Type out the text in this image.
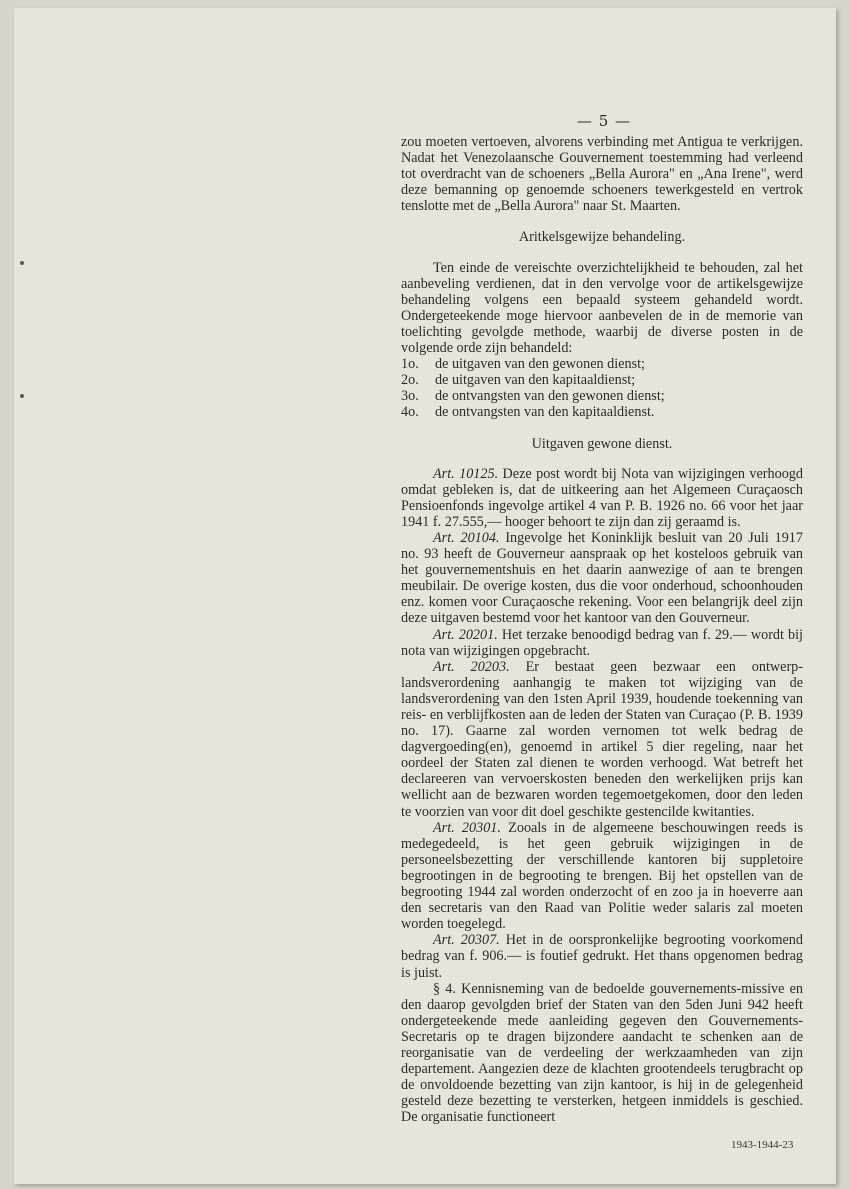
— 5 —

zou moeten vertoeven, alvorens verbinding met Antigua te verkrijgen. Nadat het Venezolaansche Gouvernement toestemming had verleend tot overdracht van de schoeners „Bella Aurora" en „Ana Irene", werd deze bemanning op genoemde schoeners tewerkgesteld en vertrok tenslotte met de „Bella Aurora" naar St. Maarten.

Aritkelsgewijze behandeling.

Ten einde de vereischte overzichtelijkheid te behouden, zal het aanbeveling verdienen, dat in den vervolge voor de artikelsgewijze behandeling volgens een bepaald systeem gehandeld wordt. Ondergeteekende moge hiervoor aanbevelen de in de memorie van toelichting gevolgde methode, waarbij de diverse posten in de volgende orde zijn behandeld:

1o.	de uitgaven van den gewonen dienst;
2o.	de uitgaven van den kapitaaldienst;
3o.	de ontvangsten van den gewonen dienst;
4o.	de ontvangsten van den kapitaaldienst.

Uitgaven gewone dienst.

Art. 10125. Deze post wordt bij Nota van wijzigingen verhoogd omdat gebleken is, dat de uitkeering aan het Algemeen Curaçaosch Pensioenfonds ingevolge artikel 4 van P. B. 1926 no. 66 voor het jaar 1941 f. 27.555,— hooger behoort te zijn dan zij geraamd is.

Art. 20104. Ingevolge het Koninklijk besluit van 20 Juli 1917 no. 93 heeft de Gouverneur aanspraak op het kosteloos gebruik van het gouvernementshuis en het daarin aanwezige of aan te brengen meubilair. De overige kosten, dus die voor onderhoud, schoonhouden enz. komen voor Curaçaosche rekening. Voor een belangrijk deel zijn deze uitgaven bestemd voor het kantoor van den Gouverneur.

Art. 20201. Het terzake benoodigd bedrag van f. 29.— wordt bij nota van wijzigingen opgebracht.

Art. 20203. Er bestaat geen bezwaar een ontwerp-landsverordening aanhangig te maken tot wijziging van de landsverordening van den 1sten April 1939, houdende toekenning van reis- en verblijfkosten aan de leden der Staten van Curaçao (P. B. 1939 no. 17). Gaarne zal worden vernomen tot welk bedrag de dagvergoeding(en), genoemd in artikel 5 dier regeling, naar het oordeel der Staten zal dienen te worden verhoogd. Wat betreft het declareeren van vervoerskosten beneden den werkelijken prijs kan wellicht aan de bezwaren worden tegemoetgekomen, door den leden te voorzien van voor dit doel geschikte gestencilde kwitanties.

Art. 20301. Zooals in de algemeene beschouwingen reeds is medegedeeld, is het geen gebruik wijzigingen in de personeelsbezetting der verschillende kantoren bij suppletoire begrootingen in de begrooting te brengen. Bij het opstellen van de begrooting 1944 zal worden onderzocht of en zoo ja in hoeverre aan den secretaris van den Raad van Politie weder salaris zal moeten worden toegelegd.

Art. 20307. Het in de oorspronkelijke begrooting voorkomend bedrag van f. 906.— is foutief gedrukt. Het thans opgenomen bedrag is juist.

§ 4. Kennisneming van de bedoelde gouvernements-missive en den daarop gevolgden brief der Staten van den 5den Juni 942 heeft ondergeteekende mede aanleiding gegeven den Gouvernements-Secretaris op te dragen bijzondere aandacht te schenken aan de reorganisatie van de verdeeling der werkzaamheden van zijn departement. Aangezien deze de klachten grootendeels terugbracht op de onvoldoende bezetting van zijn kantoor, is hij in de gelegenheid gesteld deze bezetting te versterken, hetgeen inmiddels is geschied. De organisatie functioneert

1943-1944-23
